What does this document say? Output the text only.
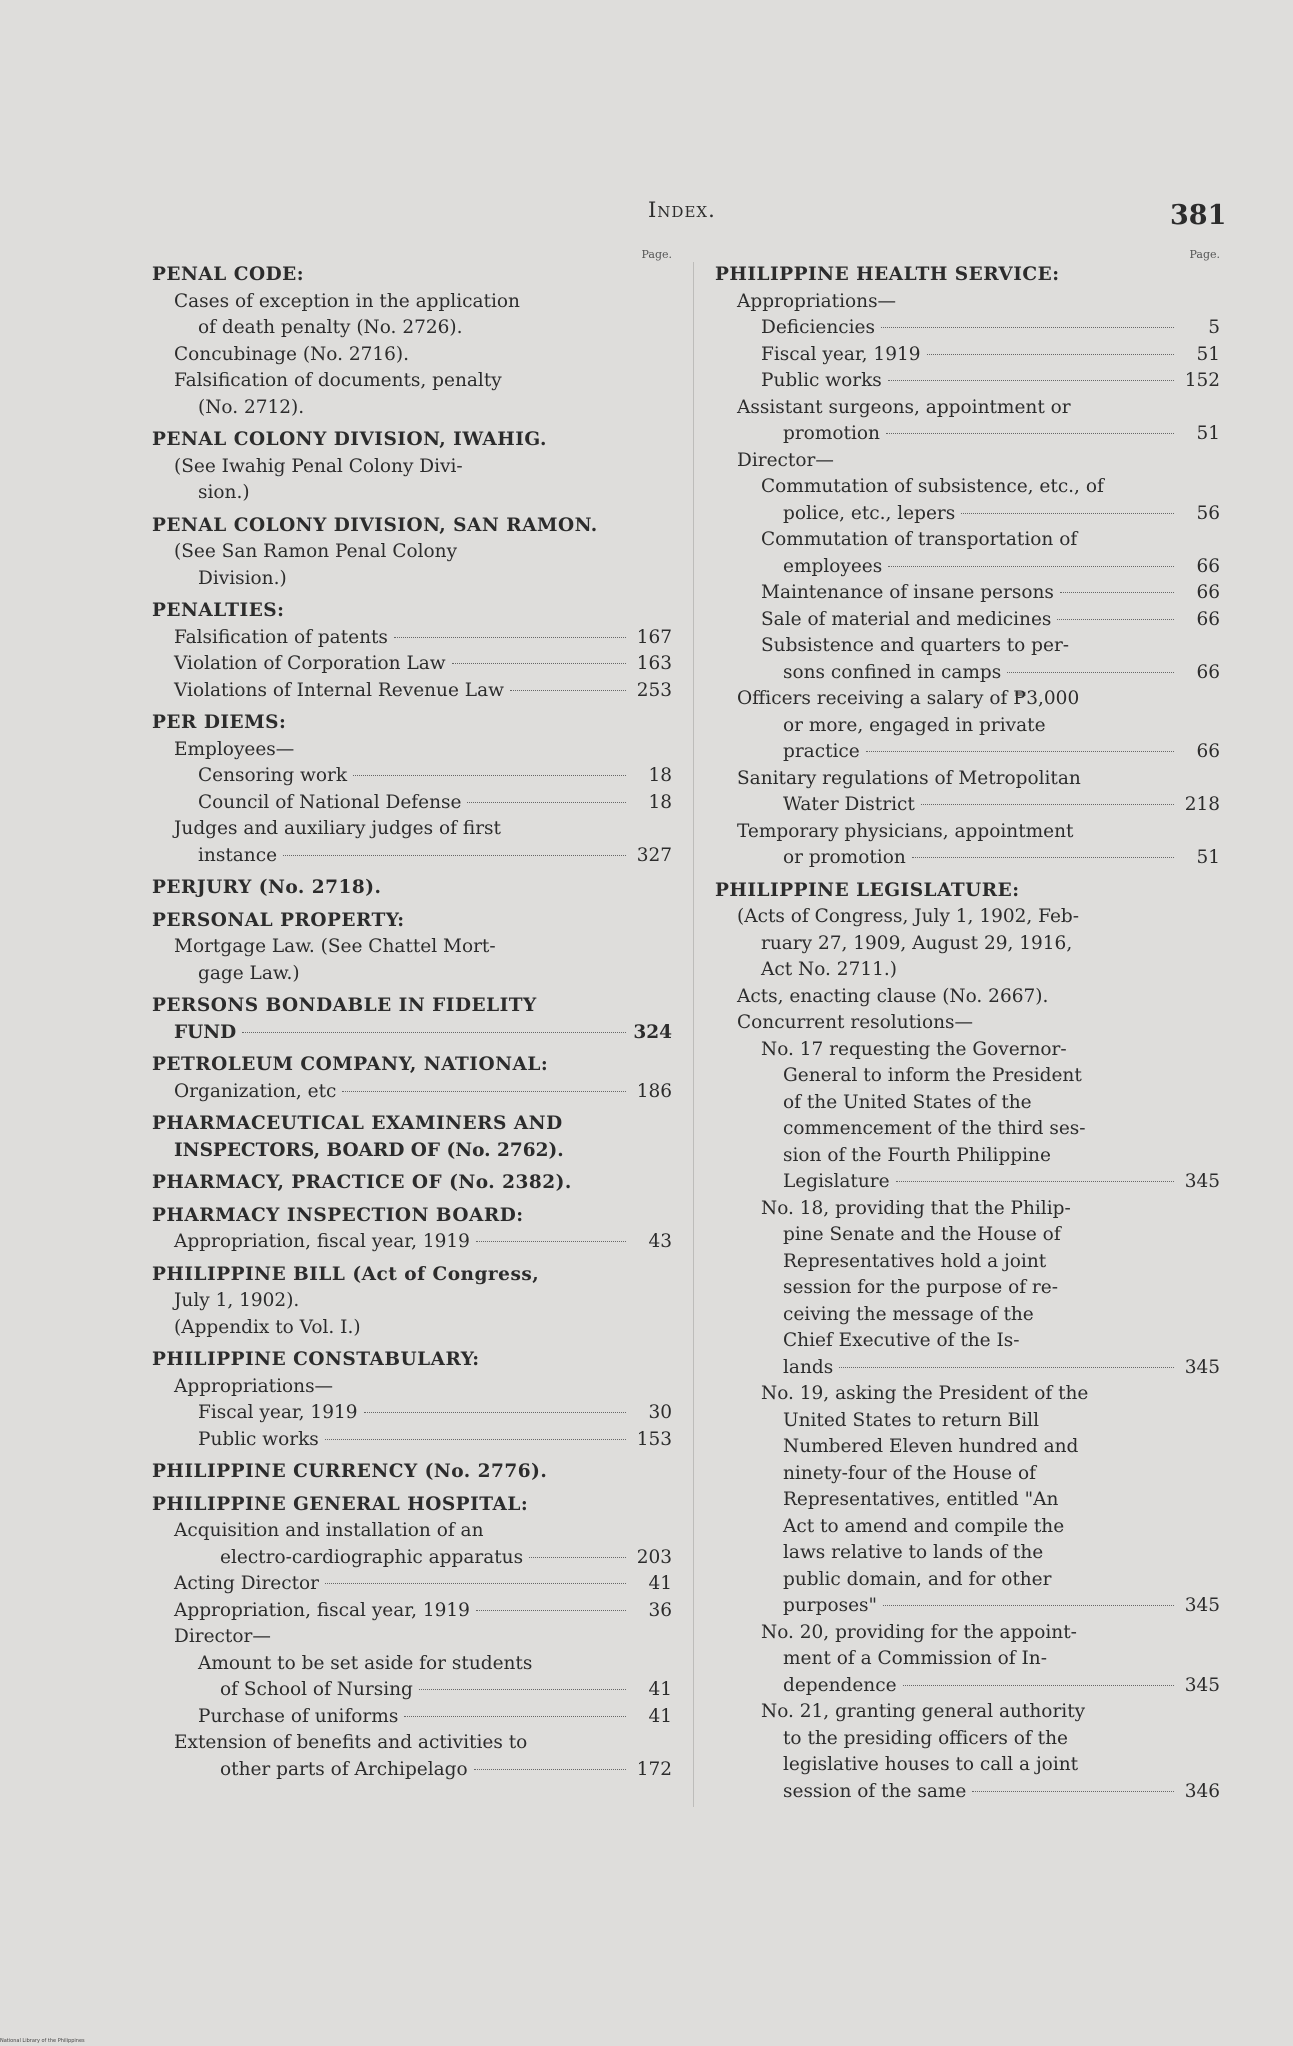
Index.	381
Page.
PENAL CODE:
Cases of exception in the application
of death penalty (No. 2726).
Concubinage (No. 2716).
Falsification of documents, penalty
(No. 2712).
PENAL COLONY DIVISION, IWAHIG.
(See Iwahig Penal Colony Divi-
sion.)
PENAL COLONY DIVISION, SAN RAMON.
(See San Ramon Penal Colony
Division.)
PENALTIES:
Falsification of patents	167
Violation of Corporation Law	163
Violations of Internal Revenue Law	253
PER DIEMS:
Employees—
Censoring work	18
Council of National Defense	18
Judges and auxiliary judges of first
instance	327
PERJURY (No. 2718).
PERSONAL PROPERTY:
Mortgage Law. (See Chattel Mort-
gage Law.)
PERSONS BONDABLE IN FIDELITY
FUND	324
PETROLEUM COMPANY, NATIONAL:
Organization, etc	186
PHARMACEUTICAL EXAMINERS AND
INSPECTORS, BOARD OF (No. 2762).
PHARMACY, PRACTICE OF (No. 2382).
PHARMACY INSPECTION BOARD:
Appropriation, fiscal year, 1919	43
PHILIPPINE BILL (Act of Congress,
July 1, 1902).
(Appendix to Vol. I.)
PHILIPPINE CONSTABULARY:
Appropriations—
Fiscal year, 1919	30
Public works	153
PHILIPPINE CURRENCY (No. 2776).
PHILIPPINE GENERAL HOSPITAL:
Acquisition and installation of an
electro-cardiographic apparatus	203
Acting Director	41
Appropriation, fiscal year, 1919	36
Director—
Amount to be set aside for students
of School of Nursing	41
Purchase of uniforms	41
Extension of benefits and activities to
other parts of Archipelago	172
Page.
PHILIPPINE HEALTH SERVICE:
Appropriations—
Deficiencies	5
Fiscal year, 1919	51
Public works	152
Assistant surgeons, appointment or
promotion	51
Director—
Commutation of subsistence, etc., of
police, etc., lepers	56
Commutation of transportation of
employees	66
Maintenance of insane persons	66
Sale of material and medicines	66
Subsistence and quarters to per-
sons confined in camps	66
Officers receiving a salary of ₱3,000
or more, engaged in private
practice	66
Sanitary regulations of Metropolitan
Water District	218
Temporary physicians, appointment
or promotion	51
PHILIPPINE LEGISLATURE:
(Acts of Congress, July 1, 1902, Feb-
ruary 27, 1909, August 29, 1916,
Act No. 2711.)
Acts, enacting clause (No. 2667).
Concurrent resolutions—
No. 17 requesting the Governor-
General to inform the President
of the United States of the
commencement of the third ses-
sion of the Fourth Philippine
Legislature	345
No. 18, providing that the Philip-
pine Senate and the House of
Representatives hold a joint
session for the purpose of re-
ceiving the message of the
Chief Executive of the Is-
lands	345
No. 19, asking the President of the
United States to return Bill
Numbered Eleven hundred and
ninety-four of the House of
Representatives, entitled "An
Act to amend and compile the
laws relative to lands of the
public domain, and for other
purposes"	345
No. 20, providing for the appoint-
ment of a Commission of In-
dependence	345
No. 21, granting general authority
to the presiding officers of the
legislative houses to call a joint
session of the same	346
National Library of the Philippines
